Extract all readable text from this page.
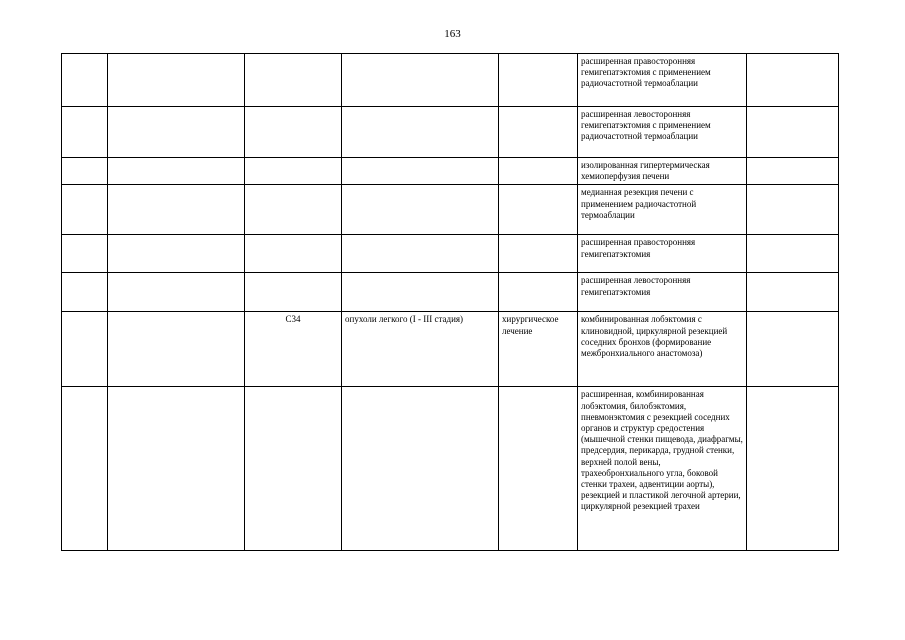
163
					расширенная правосторонняя гемигепатэктомия с применением радиочастотной термоаблации	
					расширенная левосторонняя гемигепатэктомия с применением радиочастотной термоаблации	
					изолированная гипертермическая хемиоперфузия печени	
					медианная резекция печени с применением радиочастотной термоаблации	
					расширенная правосторонняя гемигепатэктомия	
					расширенная левосторонняя гемигепатэктомия	
		C34	опухоли легкого (I - III стадия)	хирургическое лечение	комбинированная лобэктомия с клиновидной, циркулярной резекцией соседних бронхов (формирование межбронхиального анастомоза)	
					расширенная, комбинированная лобэктомия, билобэктомия, пневмонэктомия с резекцией соседних органов и структур средостения (мышечной стенки пищевода, диафрагмы, предсердия, перикарда, грудной стенки, верхней полой вены, трахеобронхиального угла, боковой стенки трахеи, адвентиции аорты), резекцией и пластикой легочной артерии, циркулярной резекцией трахеи	
